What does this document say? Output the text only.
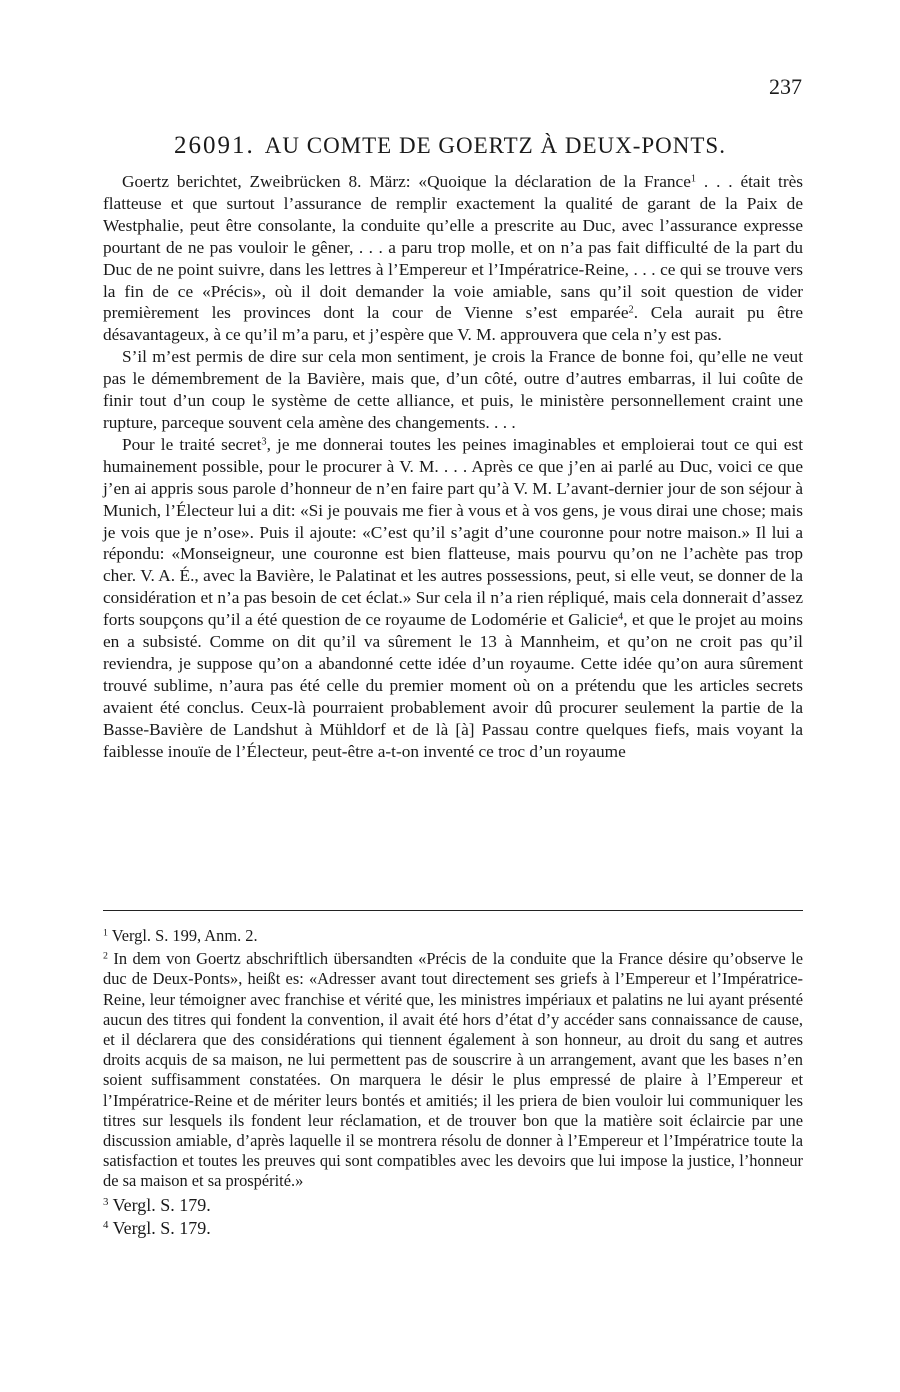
237
26091. AU COMTE DE GOERTZ À DEUX-PONTS.

Goertz berichtet, Zweibrücken 8. März: «Quoique la déclaration de la France$^1$ . . . était très flatteuse et que surtout l’assurance de remplir exactement la qualité de garant de la Paix de Westphalie, peut être consolante, la conduite qu’elle a prescrite au Duc, avec l’assurance expresse pourtant de ne pas vouloir le gêner, . . . a paru trop molle, et on n’a pas fait difficulté de la part du Duc de ne point suivre, dans les lettres à l’Empereur et l’Impératrice-Reine, . . . ce qui se trouve vers la fin de ce «Précis», où il doit demander la voie amiable, sans qu’il soit question de vider premièrement les provinces dont la cour de Vienne s’est emparée$^2$. Cela aurait pu être désavantageux, à ce qu’il m’a paru, et j’espère que V. M. approuvera que cela n’y est pas.

S’il m’est permis de dire sur cela mon sentiment, je crois la France de bonne foi, qu’elle ne veut pas le démembrement de la Bavière, mais que, d’un côté, outre d’autres embarras, il lui coûte de finir tout d’un coup le système de cette alliance, et puis, le ministère personnellement craint une rupture, parceque souvent cela amène des changements. . . .

Pour le traité secret$^3$, je me donnerai toutes les peines imaginables et emploierai tout ce qui est humainement possible, pour le procurer à V. M. . . . Après ce que j’en ai parlé au Duc, voici ce que j’en ai appris sous parole d’honneur de n’en faire part qu’à V. M. L’avant-dernier jour de son séjour à Munich, l’Électeur lui a dit: «Si je pouvais me fier à vous et à vos gens, je vous dirai une chose; mais je vois que je n’ose». Puis il ajoute: «C’est qu’il s’agit d’une couronne pour notre maison.» Il lui a répondu: «Monseigneur, une couronne est bien flatteuse, mais pourvu qu’on ne l’achète pas trop cher. V. A. É., avec la Bavière, le Palatinat et les autres possessions, peut, si elle veut, se donner de la considération et n’a pas besoin de cet éclat.» Sur cela il n’a rien répliqué, mais cela donnerait d’assez forts soupçons qu’il a été question de ce royaume de Lodomérie et Galicie$^4$, et que le projet au moins en a subsisté. Comme on dit qu’il va sûrement le 13 à Mannheim, et qu’on ne croit pas qu’il reviendra, je suppose qu’on a abandonné cette idée d’un royaume. Cette idée qu’on aura sûrement trouvé sublime, n’aura pas été celle du premier moment où on a prétendu que les articles secrets avaient été conclus. Ceux-là pourraient probablement avoir dû procurer seulement la partie de la Basse-Bavière de Landshut à Mühldorf et de là [à] Passau contre quelques fiefs, mais voyant la faiblesse inouïe de l’Électeur, peut-être a-t-on inventé ce troc d’un royaume

$^1$ Vergl. S. 199, Anm. 2.

$^2$ In dem von Goertz abschriftlich übersandten «Précis de la conduite que la France désire qu’observe le duc de Deux-Ponts», heißt es: «Adresser avant tout directement ses griefs à l’Empereur et l’Impératrice-Reine, leur témoigner avec franchise et vérité que, les ministres impériaux et palatins ne lui ayant présenté aucun des titres qui fondent la convention, il avait été hors d’état d’y accéder sans connaissance de cause, et il déclarera que des considérations qui tiennent également à son honneur, au droit du sang et autres droits acquis de sa maison, ne lui permettent pas de souscrire à un arrangement, avant que les bases n’en soient suffisamment constatées. On marquera le désir le plus empressé de plaire à l’Empereur et l’Impératrice-Reine et de mériter leurs bontés et amitiés; il les priera de bien vouloir lui communiquer les titres sur lesquels ils fondent leur réclamation, et de trouver bon que la matière soit éclaircie par une discussion amiable, d’après laquelle il se montrera résolu de donner à l’Empereur et l’Impératrice toute la satisfaction et toutes les preuves qui sont compatibles avec les devoirs que lui impose la justice, l’honneur de sa maison et sa prospérité.»

$^3$ Vergl. S. 179.

$^4$ Vergl. S. 179.
